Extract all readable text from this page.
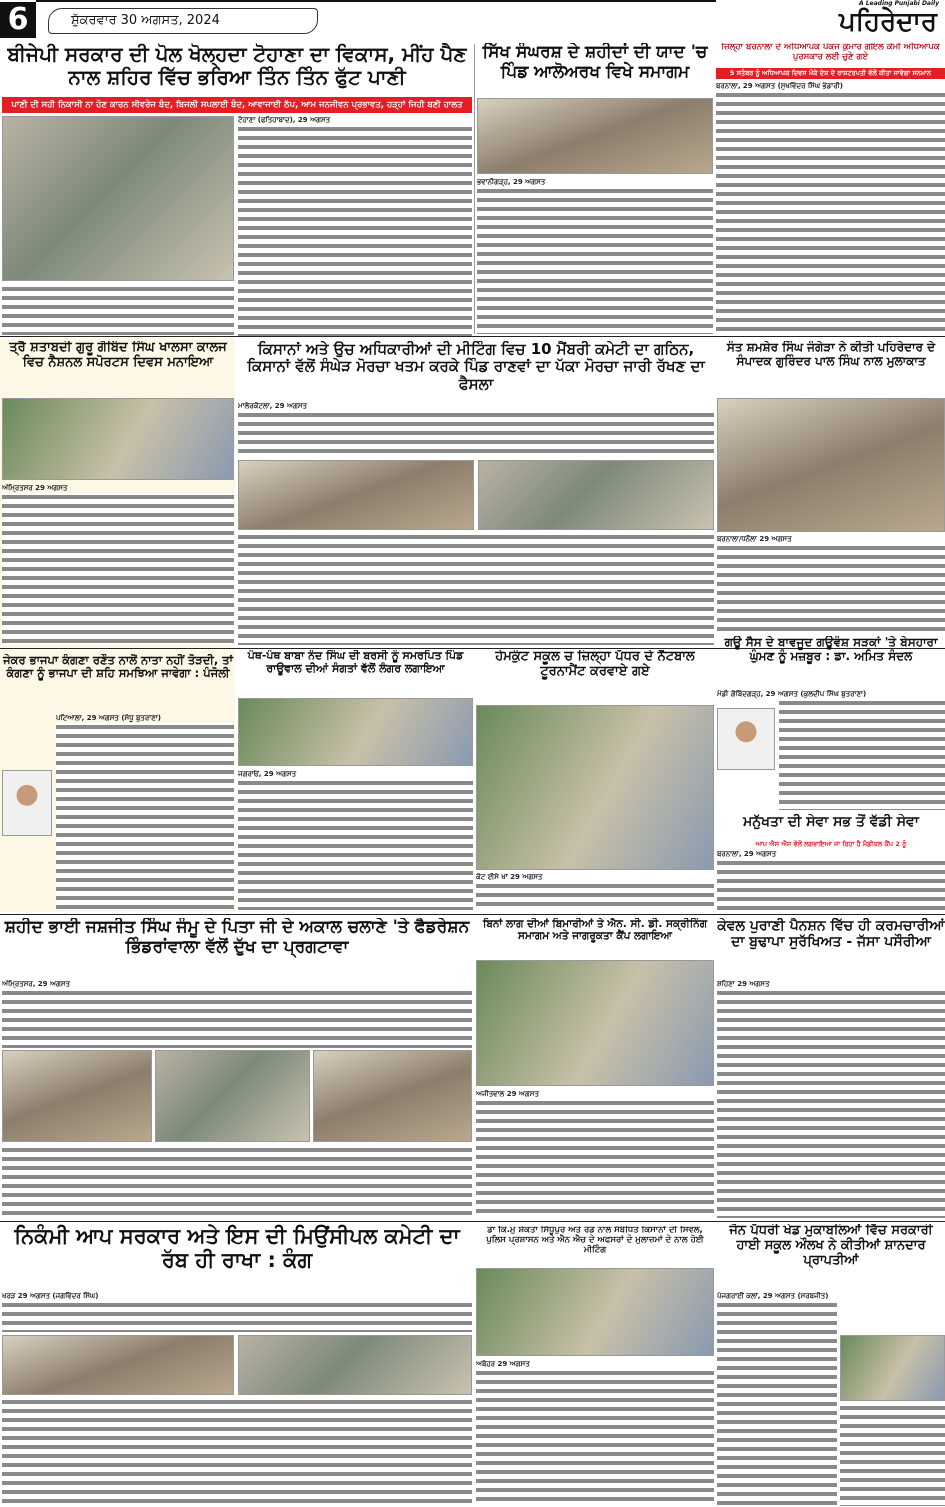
6	ਸ਼ੁੱਕਰਵਾਰ 30 ਅਗਸਤ, 2024
A Leading Punjabi Daily
ਪਹਿਰੇਦਾਰ
ਬੀਜੇਪੀ ਸਰਕਾਰ ਦੀ ਪੋਲ ਖੋਲ੍ਹਦਾ ਟੋਹਾਣਾ ਦਾ ਵਿਕਾਸ, ਮੀਂਹ ਪੈਣ ਨਾਲ ਸ਼ਹਿਰ ਵਿੱਚ ਭਰਿਆ ਤਿੰਨ ਤਿੰਨ ਫੁੱਟ ਪਾਣੀ
ਪਾਣੀ ਦੀ ਸਹੀ ਨਿਕਾਸੀ ਨਾ ਹੋਣ ਕਾਰਨ ਸੀਵਰੇਜ ਬੰਦ, ਬਿਜਲੀ ਸਪਲਾਈ ਬੰਦ, ਆਵਾਜਾਈ ਠੱਪ, ਆਮ ਜਨਜੀਵਨ ਪ੍ਰਭਾਵਤ, ਹੜ੍ਹਾਂ ਜਿਹੀ ਬਣੀ ਹਾਲਤ
ਟੋਹਾਣਾ (ਫਤਿਹਾਬਾਦ), 29 ਅਗਸਤ
ਸਿੱਖ ਸੰਘਰਸ਼ ਦੇ ਸ਼ਹੀਦਾਂ ਦੀ ਯਾਦ 'ਚ ਪਿੰਡ ਆਲੋਅਰਖ ਵਿਖੇ ਸਮਾਗਮ
ਭਵਾਨੀਗੜ੍ਹ, 29 ਅਗਸਤ
ਜ਼ਿਲ੍ਹਾ ਬਰਨਾਲਾ ਦੇ ਅਧਿਆਪਕ ਪੰਕਜ ਕੁਮਾਰ ਗੋਇਲ ਕੌਮੀ ਅਧਿਆਪਕ ਪੁਰਸਕਾਰ ਲਈ ਚੁਣੇ ਗਏ
5 ਸਤੰਬਰ ਨੂੰ ਅਧਿਆਪਕ ਦਿਵਸ ਮੌਕੇ ਦੇਸ਼ ਦੇ ਰਾਸ਼ਟਰਪਤੀ ਵੱਲੋਂ ਕੀਤਾ ਜਾਵੇਗਾ ਸਨਮਾਨ
ਬਰਨਾਲਾ, 29 ਅਗਸਤ (ਸੁਖਵਿੰਦਰ ਸਿੰਘ ਭੰਡਾਰੀ)
ਤ੍ਰੈ ਸ਼ਤਾਬਦੀ ਗੁਰੂ ਗੋਬਿੰਦ ਸਿੰਘ ਖਾਲਸਾ ਕਾਲਜ ਵਿਚ ਨੈਸ਼ਨਲ ਸਪੋਰਟਸ ਦਿਵਸ ਮਨਾਇਆ
ਅੰਮ੍ਰਿਤਸਰ 29 ਅਗਸਤ
ਕਿਸਾਨਾਂ ਅਤੇ ਉਚ ਅਧਿਕਾਰੀਆਂ ਦੀ ਮੀਟਿੰਗ ਵਿਚ 10 ਮੈਂਬਰੀ ਕਮੇਟੀ ਦਾ ਗਠਿਨ, ਕਿਸਾਨਾਂ ਵੱਲੋਂ ਸੰਘੇੜ ਮੋਰਚਾ ਖਤਮ ਕਰਕੇ ਪਿੰਡ ਰਾਣਵਾਂ ਦਾ ਪੱਕਾ ਮੋਰਚਾ ਜਾਰੀ ਰੱਖਣ ਦਾ ਫੈਸਲਾ
ਮਾਲੇਰਕੋਟਲਾ, 29 ਅਗਸਤ
ਸੰਤ ਸ਼ਮਸ਼ੇਰ ਸਿੰਘ ਜੰਗੇੜਾ ਨੇ ਕੀਤੀ ਪਹਿਰੇਦਾਰ ਦੇ ਸੰਪਾਦਕ ਗੁਰਿੰਦਰ ਪਾਲ ਸਿੰਘ ਨਾਲ ਮੁਲਾਕਾਤ
ਬਰਨਾਲਾ/ਧਨੌਲਾ 29 ਅਗਸਤ
ਜੇਕਰ ਭਾਜਪਾ ਕੰਗਣਾ ਰਣੌਤ ਨਾਲੋਂ ਨਾਤਾ ਨਹੀਂ ਤੋੜਦੀ, ਤਾਂ ਕੰਗਣਾ ਨੂੰ ਭਾਜਪਾ ਦੀ ਸ਼ਹਿ ਸਮਝਿਆ ਜਾਵੇਗਾ : ਪੰਜੋਲੀ
ਪਟਿਆਲਾ, 29 ਅਗਸਤ (ਸੰਧੂ ਬੁਤਰਾਣਾ)
ਪੰਥ-ਪੰਥ ਬਾਬਾ ਨੰਦ ਸਿੰਘ ਦੀ ਬਰਸੀ ਨੂੰ ਸਮਰਪਿਤ ਪਿੰਡ ਰਾਊਵਾਲ ਦੀਆਂ ਸੰਗਤਾਂ ਵੱਲੋਂ ਲੰਗਰ ਲਗਾਇਆ
ਜਗਰਾਓਂ, 29 ਅਗਸਤ
ਹੇਮਕੁੰਟ ਸਕੂਲ ਚ ਜ਼ਿਲ੍ਹਾ ਪੱਧਰ ਦੇ ਨੈੱਟਬਾਲ ਟੂਰਨਾਮੈਂਟ ਕਰਵਾਏ ਗਏ
ਕੋਟ ਈਸੇ ਖਾਂ 29 ਅਗਸਤ
ਗਊ ਸੈਸ ਦੇ ਬਾਵਜੂਦ ਗਊਵੰਸ਼ ਸੜਕਾਂ 'ਤੇ ਬੇਸਹਾਰਾ ਘੁੰਮਣ ਨੂੰ ਮਜ਼ਬੂਰ : ਡਾ. ਅਮਿਤ ਸੰਦਲ
ਮੰਡੀ ਗੋਬਿੰਦਗੜ੍ਹ, 29 ਅਗਸਤ (ਕੁਲਦੀਪ ਸਿੰਘ ਬੁਤਰਾਣਾ)
ਮਨੁੱਖਤਾ ਦੀ ਸੇਵਾ ਸਭ ਤੋਂ ਵੱਡੀ ਸੇਵਾ
ਆਪ ਐਸ ਐਸ ਵੱਲੋਂ ਲਗਵਾਇਆ ਜਾ ਰਿਹਾ ਹੈ ਮੈਡੀਕਲ ਕੈਂਪ 2 ਨੂੰ
ਬਰਨਾਲਾ, 29 ਅਗਸਤ
ਸ਼ਹੀਦ ਭਾਈ ਜਸ਼ਜੀਤ ਸਿੰਘ ਜੰਮੂ ਦੇ ਪਿਤਾ ਜੀ ਦੇ ਅਕਾਲ ਚਲਾਣੇ 'ਤੇ ਫੈਡਰੇਸ਼ਨ ਭਿੰਡਰਾਂਵਾਲਾ ਵੱਲੋਂ ਦੁੱਖ ਦਾ ਪ੍ਰਗਟਾਵਾ
ਅੰਮ੍ਰਿਤਸਰ, 29 ਅਗਸਤ
ਬਿਨਾਂ ਲਾਗ ਦੀਆਂ ਬਿਮਾਰੀਆਂ ਤੇ ਐਨ. ਸੀ. ਡੀ. ਸਕ੍ਰੀਨਿੰਗ ਸਮਾਗਮ ਅਤੇ ਜਾਗਰੂਕਤਾ ਕੈਂਪ ਲਗਾਇਆ
ਅਜੀਤਵਾਲ 29 ਅਗਸਤ
ਕੇਵਲ ਪੁਰਾਣੀ ਪੈਨਸ਼ਨ ਵਿੱਚ ਹੀ ਕਰਮਚਾਰੀਆਂ ਦਾ ਬੁਢਾਪਾ ਸੁਰੱਖਿਅਤ - ਜੱਸਾ ਪਸੌਰੀਆ
ਸ਼ਹਿਣਾ 29 ਅਗਸਤ
ਨਿਕੰਮੀ ਆਪ ਸਰਕਾਰ ਅਤੇ ਇਸ ਦੀ ਮਿਉਂਸੀਪਲ ਕਮੇਟੀ ਦਾ ਰੱਬ ਹੀ ਰਾਖਾ : ਕੰਗ
ਖਰੜ 29 ਅਗਸਤ (ਜਗਵਿੰਦਰ ਸਿੰਘ)
ਡਾ ਕਿ.ਮੁ ਸ਼ੇਕਤਾ ਸਿੱਧੂਪੁਰ ਅਤੇ ਰੋਡ ਨਾਲ ਸੰਬੰਧਿਤ ਕਿਸਾਨਾਂ ਦੀ ਸਿਵਲ, ਪੁਲਿਸ ਪ੍ਰਸ਼ਾਸਨ ਅਤੇ ਐਨ ਐਚ ਦੇ ਅਫਸਰਾਂ ਦੇ ਮੁਲਾਜ਼ਮਾਂ ਦੇ ਨਾਲ ਹੋਈ ਮੀਟਿੰਗ
ਅਬੋਹਰ 29 ਅਗਸਤ
ਜੋਨ ਪੱਧਰੀ ਖੇਡ ਮੁਕਾਬਲਿਆਂ ਵਿੱਚ ਸਰਕਾਰੀ ਹਾਈ ਸਕੂਲ ਔਲਖ ਨੇ ਕੀਤੀਆਂ ਸ਼ਾਨਦਾਰ ਪ੍ਰਾਪਤੀਆਂ
ਪੰਜਗਰਾਈਂ ਕਲਾਂ, 29 ਅਗਸਤ (ਸਰਬਜੀਤ)
